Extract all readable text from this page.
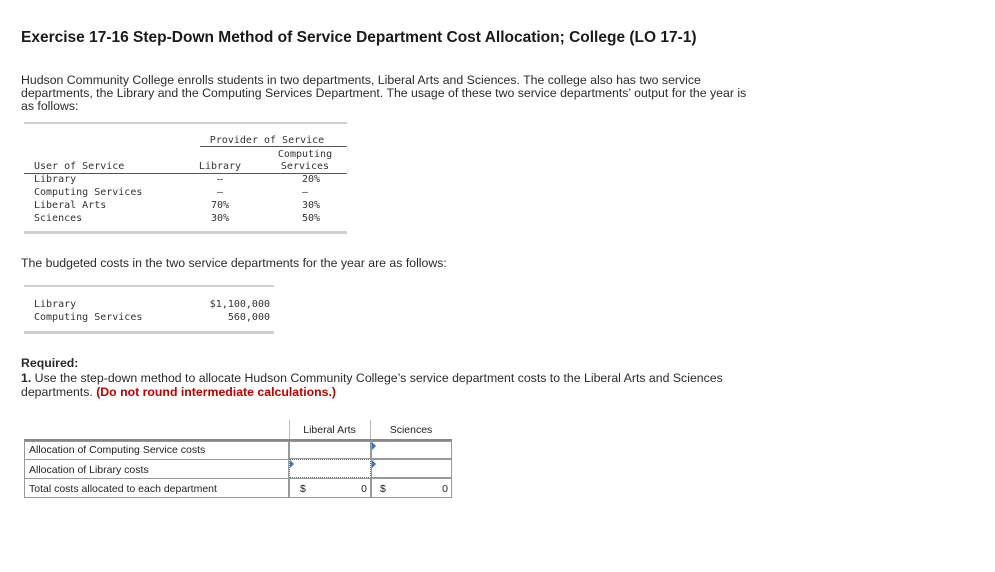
Exercise 17-16 Step-Down Method of Service Department Cost Allocation; College (LO 17-1)
Hudson Community College enrolls students in two departments, Liberal Arts and Sciences. The college also has two service
departments, the Library and the Computing Services Department. The usage of these two service departments’ output for the year is
as follows:
Provider of Service
Computing
User of Service	Library	Services
Library	—	20%
Computing Services	—	—
Liberal Arts	70%	30%
Sciences	30%	50%
The budgeted costs in the two service departments for the year are as follows:
Library	$1,100,000
Computing Services	560,000
Required:
1. Use the step-down method to allocate Hudson Community College’s service department costs to the Liberal Arts and Sciences
departments. (Do not round intermediate calculations.)
Liberal Arts	Sciences
Allocation of Computing Service costs
Allocation of Library costs
Total costs allocated to each department	$	0 $	0
